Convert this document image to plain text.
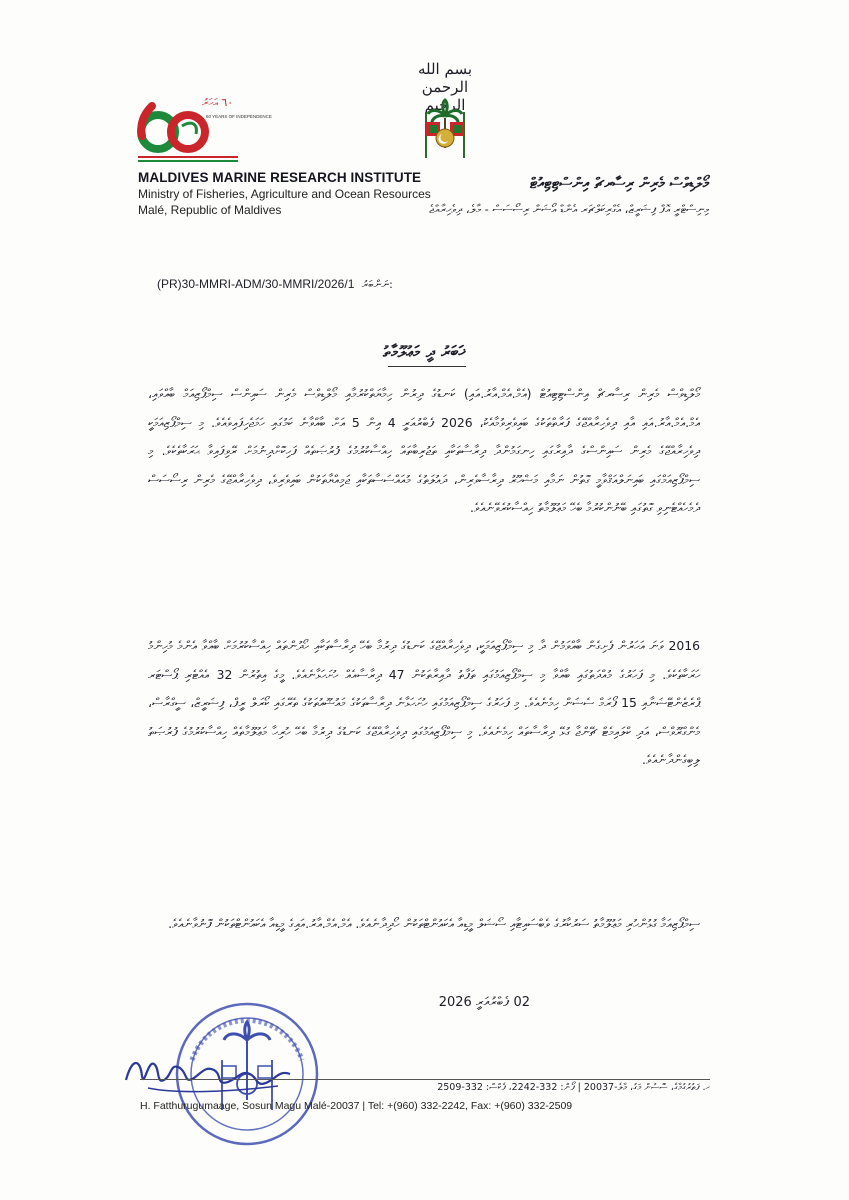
بسم الله الرحمن الرحيم
٦٠ އަހަރު
60 YEARS OF INDEPENDENCE
MALDIVES MARINE RESEARCH INSTITUTE
Ministry of Fisheries, Agriculture and Ocean Resources
Malé, Republic of Maldives
މޯލްޑިވްސް މެރިން ރިސާރޗް އިންސްޓިޓިއުޓް
މިނިސްޓްރީ އޮފް ފިޝަރީޒް، އެގްރިކަލްޗަރ އެންޑް އޯޝަން ރިސޯސަސް - މާލެ، ދިވެހިރާއްޖެ
(PR)30-MMRI-ADM/30-MMRI/2026/1 ނަންބަރު:
ޚަބަރު ދީ މަޢުލޫމާތު
މޯލްޑިވްސް މެރިން ރިސާރޗް އިންސްޓިޓިއުޓް (އެމް.އެމް.އާރު.އައި) ކަނޑުގެ ދިރުން ހިމާޔަތްކުރުމާއި މޯލްޑިވްސް މެރިން ސައިންސް ސިމްޕޯޒިއަމް ބާއްވައި، އެމް.އެމް.އާރު.އައި އާއި ދިވެހިރާއްޖޭގެ ފަރާތްތަކުގެ ބައިވެރިވުމާއެކު، 2026 ފެބްރުއަރީ 4 އިން 5 އަށް ބާއްވާނެ ކަމުގައި ހަމަޖެހިފައިވެއެވެ. މި ސިމްޕޯޒިއަމަކީ ދިވެހިރާއްޖޭގެ މެރިން ސައިންސްގެ ދާއިރާގައި ހިނގަމުންދާ ދިރާސާތަކާއި ތަޖުރިބާތައް ހިއްސާކުރުމުގެ ފުރުޞަތެއް ފަހިކޮށްދިނުމަށް ރޭވިފައިވާ ޙަރަކާތެކެވެ. މި ސިމްޕޯޒިއަމްގައި ބައިނަލްއަޤްވާމީ ގޮތުން ނަމާއި މަޝްހޫރު ދިރާސާވެރިން، ދައުލަތުގެ މުއައްސަސާތަކާއި ޖަމިއްޔާތަކުން ބައިވެރިވެ، ދިވެހިރާއްޖޭގެ މެރިން ރިސޯސަސް ދެމެހެއްޓެނިވި ގޮތުގައި ބޭނުންކުރުމާ ބެހޭ މަޢުލޫމާތު ހިއްސާކުރެވޭނެއެވެ.
2016 ވަނަ އަހަރުން ފެށިގެން ބާއްވަމުން ދާ މި ސިމްޕޯޒިއަމަކީ، ދިވެހިރާއްޖޭގެ ކަނޑުގެ ދިރުމާ ބެހޭ ދިރާސާތަކާއި ހޯދުންތައް ހިއްސާކުރުމަށް ބާއްވާ އެންމެ މުހިންމު ހަރަކާތެކެވެ. މި ފަހަރުގެ މުއްދަތުގައި ބާއްވާ މި ސިމްޕޯޒިއަމުގައި ތަފާތު ދާއިރާތަކުން 47 ދިރާސާއެއް ހުށަހަޅާނެއެވެ. މީގެ އިތުރުން 32 އެއްޓެރި ޕޯސްޓަރ ޕްރެޒެންޓޭޝަނާއި 15 ފޯރަމް ސެޝަން ހިމެނެއެވެ. މި ފަހަރުގެ ސިމްޕޯޒިއަމުގައި ހުށަހަޅާނެ ދިރާސާތަކުގެ މައުޟޫއުތަކުގެ ތެރޭގައި ކޯރަލް ރީފް، ފިޝަރީޒް، ސީގްރާސް، މެންގްރޫވްސް، އަދި ކްލައިމެޓް ޗޭންޖާ ގުޅޭ ދިރާސާތައް ހިމެނެއެވެ. މި ސިމްޕޯޒިއަމުގައި ދިވެހިރާއްޖޭގެ ކަނޑުގެ ދިރުމާ ބެހޭ ހުރިހާ މަޢުލޫމާތެއް ހިއްސާކުރުމުގެ ފުރުޞަތު ލިބިގެންދާނެއެވެ.
ސިމްޕޯޒިއަމާ ގުޅުންހުރި މަޢުލޫމާތު ސަރުކާރުގެ ވެބްސައިޓާއި ސޯޝަލް މީޑިއާ އެކައުންޓްތަކުން ހޯދިދާނެއެވެ. އެމް.އެމް.އާރު.އައިގެ މީޑިއާ އެކައުންޓްތަކުން ފޮނުވާނެއެވެ.
02 ފެބްރުއަރީ 2026
ހ. ފަތުރުގުމާގެ، ސޮސުން މަގު، މާލެ-20037 | ފޯން: 332-2242، ފެކްސް: 332-2509
H. Fatthurugumaage, Sosun Magu Malé-20037 | Tel: +(960) 332-2242, Fax: +(960) 332-2509
